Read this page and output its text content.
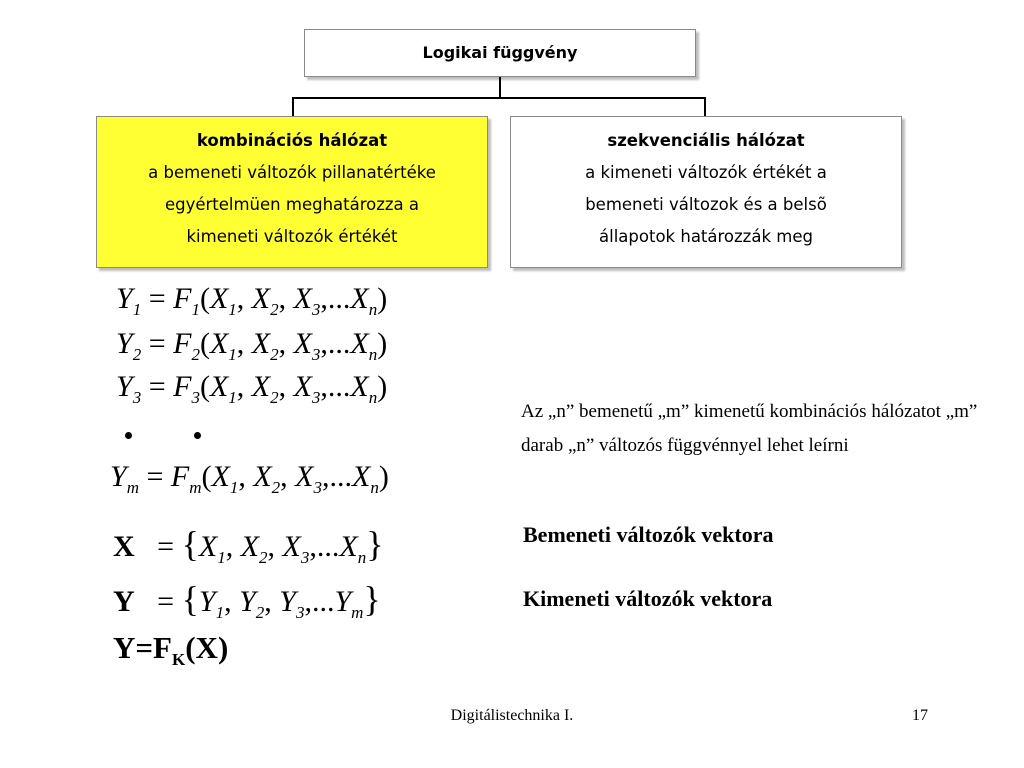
Logikai függvény
kombinációs hálózat
a bemeneti változók pillanatértéke
egyértelmüen meghatározza a
kimeneti változók értékét
szekvenciális hálózat
a kimeneti változók értékét a
bemeneti változok és a belsõ
állapotok határozzák meg
$Y_1 = F_1(X_1$, $X_2$, $X_3,...X_n$)
$Y_2 = F_2(X_1$, $X_2$, $X_3,...X_n$)
$Y_3 = F_3(X_1$, $X_2$, $X_3,...X_n$)
$Y_m = F_m(X_1$, $X_2$, $X_3,...X_n$)
$X = \{X_1$, $X_2$, $X_3,...X_n$}
$Y = \{Y_1$, $Y_2$, $Y_3,...Y_m$}
$Y=F_K(X)$
Az „n” bemenetű „m” kimenetű kombinációs hálózatot „m” darab „n” változós függvénnyel lehet leírni
Bemeneti változók vektora
Kimeneti változók vektora
Digitálistechnika I.	17
